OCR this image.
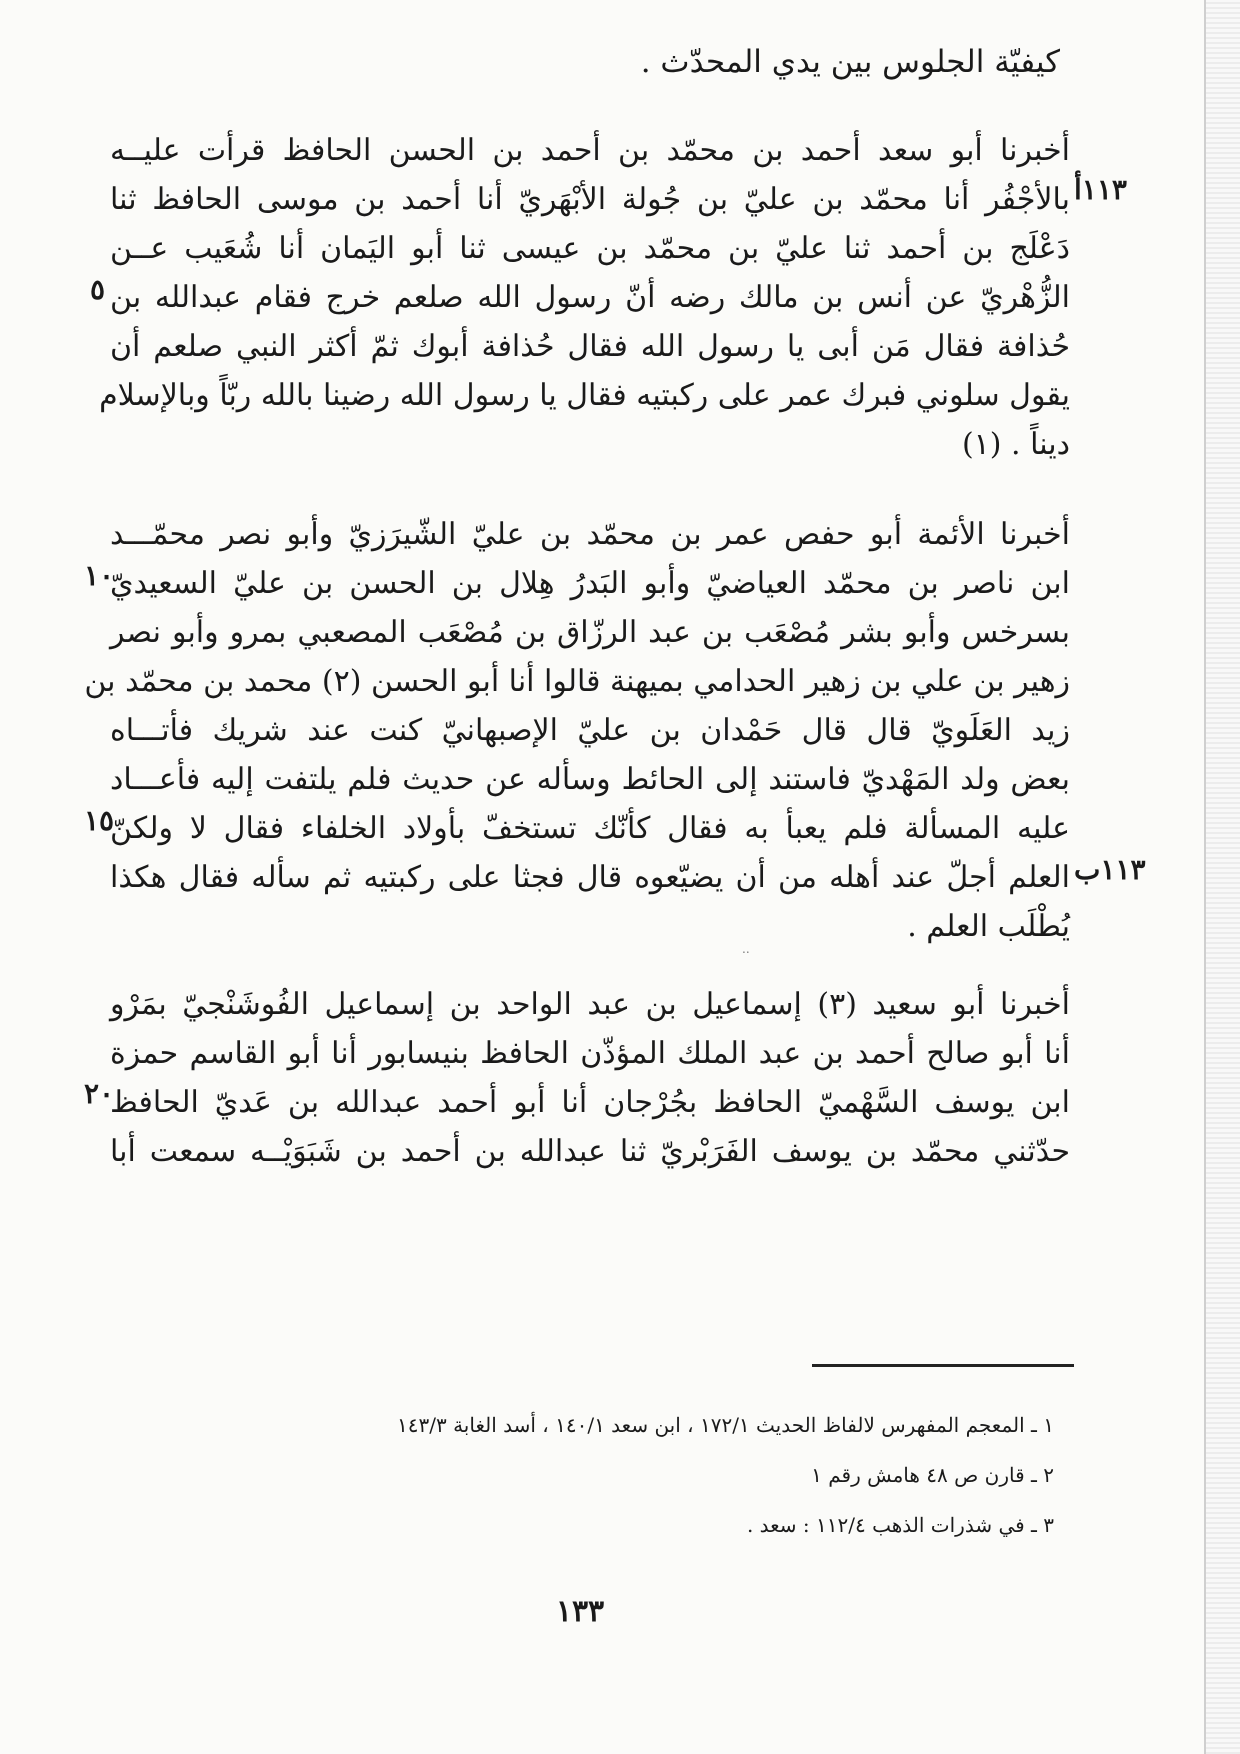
كيفيّة الجلوس بين يدي المحدّث .
أخبرنا أبو سعد أحمد بن محمّد بن أحمد بن الحسن الحافظ قرأت عليــه
بالأجْفُر أنا محمّد بن عليّ بن جُولة الأبْهَريّ أنا أحمد بن موسى الحافظ ثنا
دَعْلَج بن أحمد ثنا عليّ بن محمّد بن عيسى ثنا أبو اليَمان أنا شُعَيب عــن
الزُّهْريّ عن أنس بن مالك رضه أنّ رسول الله صلعم خرج فقام عبدالله بن
حُذافة فقال مَن أبى يا رسول الله فقال حُذافة أبوك ثمّ أكثر النبي صلعم أن
يقول سلوني فبرك عمر على ركبتيه فقال يا رسول الله رضينا بالله ربّاً وبالإسلام
ديناً . (١)
أخبرنا الأئمة أبو حفص عمر بن محمّد بن عليّ الشّيرَزيّ وأبو نصر محمّـــد
ابن ناصر بن محمّد العياضيّ وأبو البَدرُ هِلال بن الحسن بن عليّ السعيديّ
بسرخس وأبو بشر مُصْعَب بن عبد الرزّاق بن مُصْعَب المصعبي بمرو وأبو نصر
زهير بن علي بن زهير الحدامي بميهنة قالوا أنا أبو الحسن (٢) محمد بن محمّد بن
زيد العَلَويّ قال قال حَمْدان بن عليّ الإصبهانيّ كنت عند شريك فأتـــاه
بعض ولد المَهْديّ فاستند إلى الحائط وسأله عن حديث فلم يلتفت إليه فأعـــاد
عليه المسألة فلم يعبأ به فقال كأنّك تستخفّ بأولاد الخلفاء فقال لا ولكنّ
العلم أجلّ عند أهله من أن يضيّعوه قال فجثا على ركبتيه ثم سأله فقال هكذا
يُطْلَب العلم .
أخبرنا أبو سعيد (٣) إسماعيل بن عبد الواحد بن إسماعيل الفُوشَنْجيّ بمَرْو
أنا أبو صالح أحمد بن عبد الملك المؤذّن الحافظ بنيسابور أنا أبو القاسم حمزة
ابن يوسف السَّهْميّ الحافظ بجُرْجان أنا أبو أحمد عبدالله بن عَديّ الحافظ
حدّثني محمّد بن يوسف الفَرَبْريّ ثنا عبدالله بن أحمد بن شَبَوَيْــه سمعت أبا
١١٣أ
٥
١٠
١٥
١١٣ب
٢٠
..
١ ـ المعجم المفهرس لالفاظ الحديث ١٧٢/١ ، ابن سعد ١٤٠/١ ، أسد الغابة ١٤٣/٣
٢ ـ قارن ص ٤٨ هامش رقم ١
٣ ـ في شذرات الذهب ١١٢/٤ : سعد .
١٣٣
